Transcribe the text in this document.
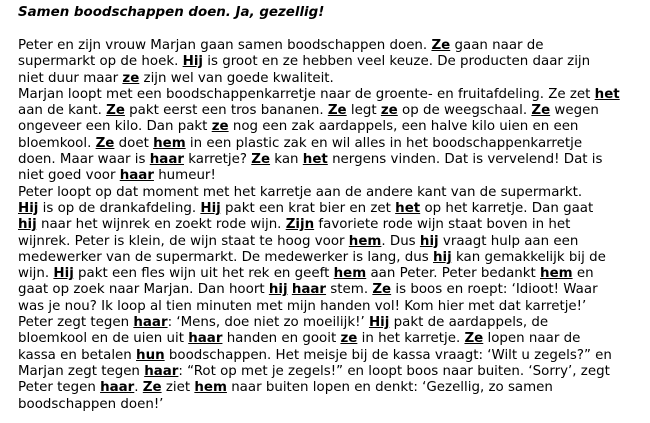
Samen boodschappen doen. Ja, gezellig!
Peter en zijn vrouw Marjan gaan samen boodschappen doen. Ze gaan naar de
supermarkt op de hoek. Hij is groot en ze hebben veel keuze. De producten daar zijn
niet duur maar ze zijn wel van goede kwaliteit.
Marjan loopt met een boodschappenkarretje naar de groente- en fruitafdeling. Ze zet het
aan de kant. Ze pakt eerst een tros bananen. Ze legt ze op de weegschaal. Ze wegen
ongeveer een kilo. Dan pakt ze nog een zak aardappels, een halve kilo uien en een
bloemkool. Ze doet hem in een plastic zak en wil alles in het boodschappenkarretje
doen. Maar waar is haar karretje? Ze kan het nergens vinden. Dat is vervelend! Dat is
niet goed voor haar humeur!
Peter loopt op dat moment met het karretje aan de andere kant van de supermarkt.
Hij is op de drankafdeling. Hij pakt een krat bier en zet het op het karretje. Dan gaat
hij naar het wijnrek en zoekt rode wijn. Zijn favoriete rode wijn staat boven in het
wijnrek. Peter is klein, de wijn staat te hoog voor hem. Dus hij vraagt hulp aan een
medewerker van de supermarkt. De medewerker is lang, dus hij kan gemakkelijk bij de
wijn. Hij pakt een fles wijn uit het rek en geeft hem aan Peter. Peter bedankt hem en
gaat op zoek naar Marjan. Dan hoort hij haar stem. Ze is boos en roept: ‘Idioot! Waar
was je nou? Ik loop al tien minuten met mijn handen vol! Kom hier met dat karretje!’
Peter zegt tegen haar: ‘Mens, doe niet zo moeilijk!’ Hij pakt de aardappels, de
bloemkool en de uien uit haar handen en gooit ze in het karretje. Ze lopen naar de
kassa en betalen hun boodschappen. Het meisje bij de kassa vraagt: ‘Wilt u zegels?” en
Marjan zegt tegen haar: “Rot op met je zegels!” en loopt boos naar buiten. ‘Sorry’, zegt
Peter tegen haar. Ze ziet hem naar buiten lopen en denkt: ‘Gezellig, zo samen
boodschappen doen!’
